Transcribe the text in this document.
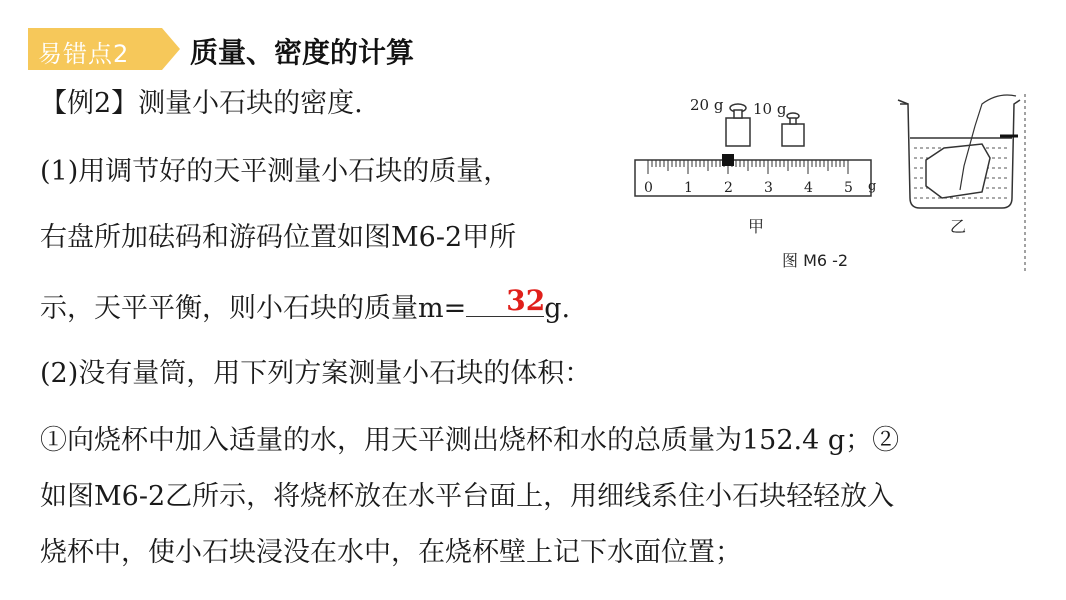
易错点2 质量、密度的计算
【例2】测量小石块的密度.
(1)用调节好的天平测量小石块的质量，
右盘所加砝码和游码位置如图M6-2甲所
示，天平平衡，则小石块的质量m= 32 g.
(2)没有量筒，用下列方案测量小石块的体积：
①向烧杯中加入适量的水，用天平测出烧杯和水的总质量为152.4 g；②
如图M6-2乙所示，将烧杯放在水平台面上，用细线系住小石块轻轻放入
烧杯中，使小石块浸没在水中，在烧杯壁上记下水面位置；
20 g 10 g
0 1 2 3 4 5 g
甲
图 M6 -2
乙
